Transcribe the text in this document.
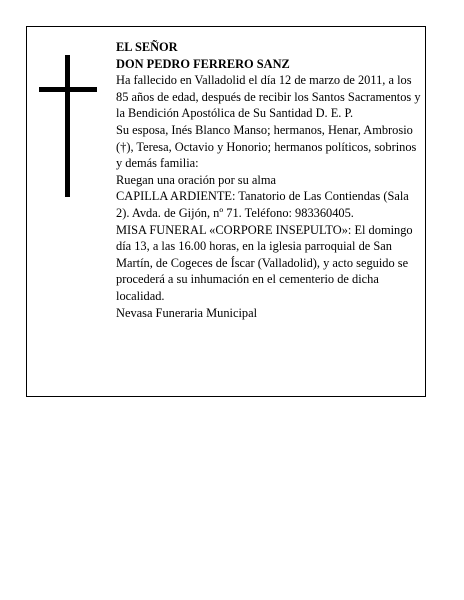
EL SEÑOR

DON PEDRO FERRERO SANZ

Ha fallecido en Valladolid el día 12 de marzo de 2011, a los 85 años de edad, después de recibir los Santos Sacramentos y la Bendición Apostólica de Su Santidad D. E. P.

Su esposa, Inés Blanco Manso; hermanos, Henar, Ambrosio (†), Teresa, Octavio y Honorio; hermanos políticos, sobrinos y demás familia:

Ruegan una oración por su alma

CAPILLA ARDIENTE: Tanatorio de Las Contiendas (Sala 2). Avda. de Gijón, nº 71. Teléfono: 983360405.

MISA FUNERAL «CORPORE INSEPULTO»: El domingo día 13, a las 16.00 horas, en la iglesia parroquial de San Martín, de Cogeces de Íscar (Valladolid), y acto seguido se procederá a su inhumación en el cementerio de dicha localidad.

Nevasa Funeraria Municipal
